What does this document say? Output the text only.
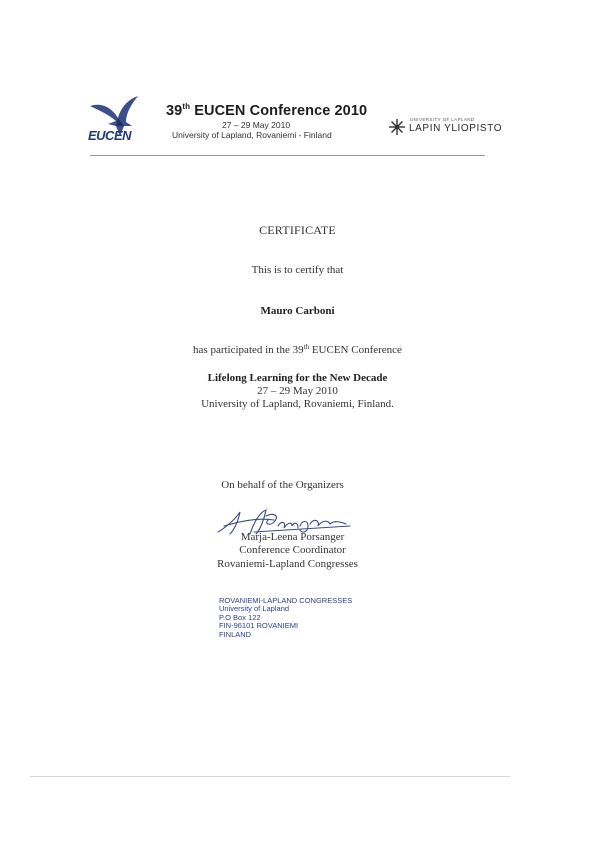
EUCEN
39th EUCEN Conference 2010
27 – 29 May 2010
University of Lapland, Rovaniemi - Finland
UNIVERSITY OF LAPLAND
LAPIN YLIOPISTO
CERTIFICATE
This is to certify that
Mauro Carboni
has participated in the 39th EUCEN Conference
Lifelong Learning for the New Decade
27 – 29 May 2010
University of Lapland, Rovaniemi, Finland.
On behalf of the Organizers
Marja-Leena Porsanger
Conference Coordinator
Rovaniemi-Lapland Congresses
ROVANIEMI-LAPLAND CONGRESSES
University of Lapland
P.O Box 122
FIN-96101 ROVANIEMI
FINLAND
